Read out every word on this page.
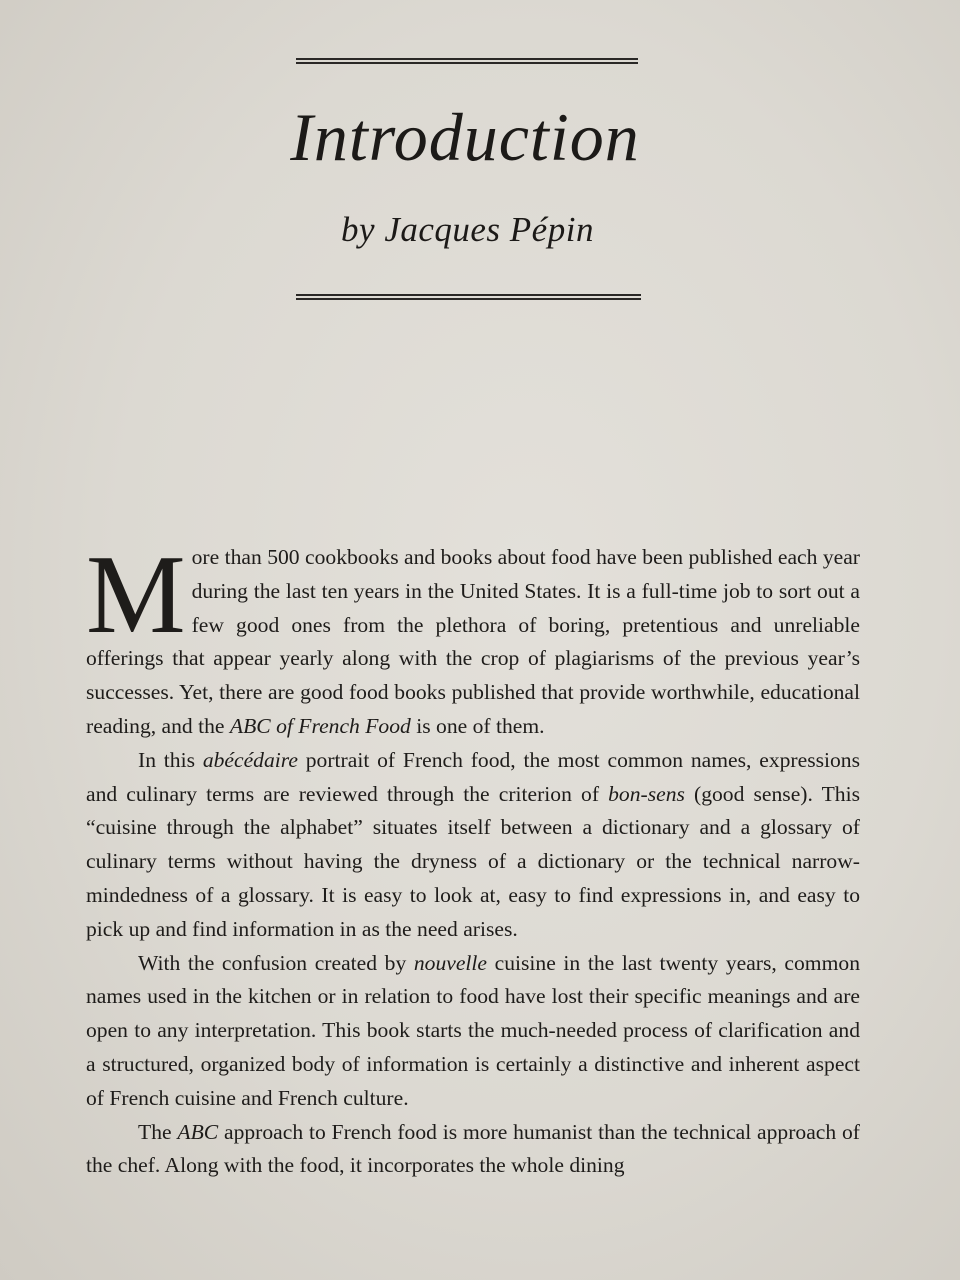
Introduction
by Jacques Pépin

More than 500 cookbooks and books about food have been published each year during the last ten years in the United States. It is a full-time job to sort out a few good ones from the plethora of boring, pretentious and unreliable offerings that appear yearly along with the crop of plagiarisms of the previous year’s successes. Yet, there are good food books published that provide worthwhile, educational reading, and the ABC of French Food is one of them.

In this abécédaire portrait of French food, the most common names, expressions and culinary terms are reviewed through the criterion of bon-sens (good sense). This “cuisine through the alphabet” situates itself between a dictionary and a glossary of culinary terms without having the dryness of a dictionary or the technical narrow-mindedness of a glossary. It is easy to look at, easy to find expressions in, and easy to pick up and find information in as the need arises.

With the confusion created by nouvelle cuisine in the last twenty years, common names used in the kitchen or in relation to food have lost their specific meanings and are open to any interpretation. This book starts the much-needed process of clarification and a structured, organized body of information is certainly a distinctive and inherent aspect of French cuisine and French culture.

The ABC approach to French food is more humanist than the technical approach of the chef. Along with the food, it incorporates the whole dining
